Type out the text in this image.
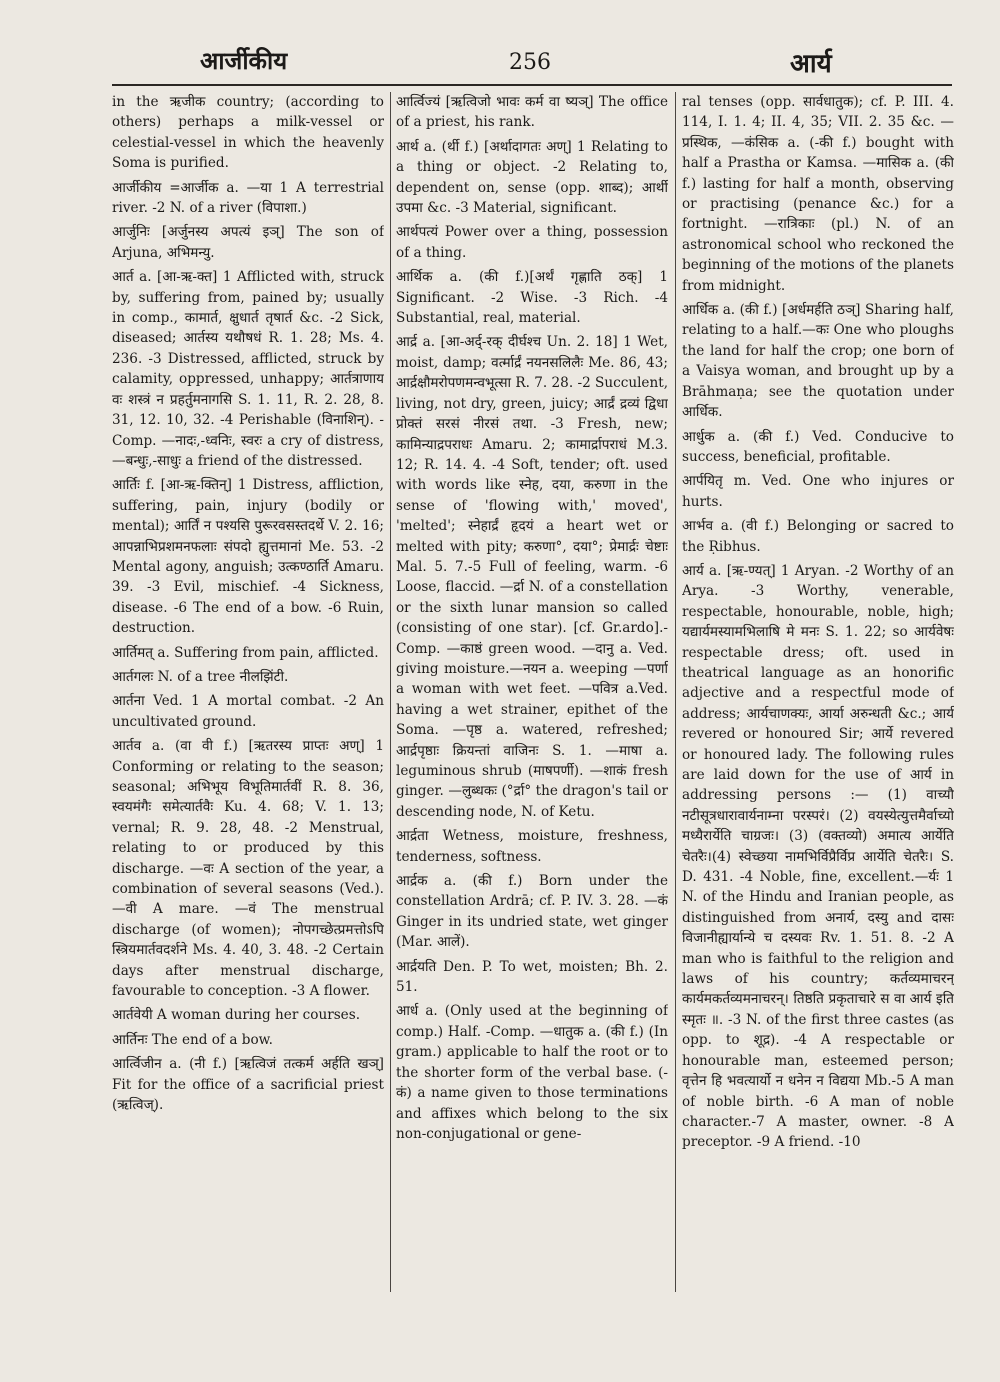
आर्जीकीय	256	आर्य

in the ऋजीक country; (according to others) perhaps a milk-vessel or celestial-vessel in which the heavenly Soma is purified.

आर्जीकीय =आर्जीक a. —या 1 A terrestrial river. -2 N. of a river (विपाशा.)

आर्जुनिः [अर्जुनस्य अपत्यं इञ्] The son of Arjuna, अभिमन्यु.

आर्त a. [आ-ऋ-क्त] 1 Afflicted with, struck by, suffering from, pained by; usually in comp., कामार्त, क्षुधार्त तृषार्त &c. -2 Sick, diseased; आर्तस्य यथौषधं R. 1. 28; Ms. 4. 236. -3 Distressed, afflicted, struck by calamity, oppressed, unhappy; आर्तत्राणाय वः शस्त्रं न प्रहर्तुमनागसि S. 1. 11, R. 2. 28, 8. 31, 12. 10, 32. -4 Perishable (विनाशिन्). -Comp. —नादः,-ध्वनिः, स्वरः a cry of distress, —बन्धुः,-साधुः a friend of the distressed.

आर्तिः f. [आ-ऋ-क्तिन्] 1 Distress, affliction, suffering, pain, injury (bodily or mental); आर्तिं न पश्यसि पुरूरवसस्तदर्थे V. 2. 16; आपन्नाभिप्रशमनफलाः संपदो ह्युत्तमानां Me. 53. -2 Mental agony, anguish; उत्कण्ठार्ति Amaru. 39. -3 Evil, mischief. -4 Sickness, disease. -6 The end of a bow. -6 Ruin, destruction.

आर्तिमत् a. Suffering from pain, afflicted.

आर्तगलः N. of a tree नीलझिंटी.

आर्तना Ved. 1 A mortal combat. -2 An uncultivated ground.

आर्तव a. (वा वी f.) [ऋतरस्य प्राप्तः अण्] 1 Conforming or relating to the season; seasonal; अभिभूय विभूतिमार्तवीं R. 8. 36, स्वयमंगैः समेत्यार्तवैः Ku. 4. 68; V. 1. 13; vernal; R. 9. 28, 48. -2 Menstrual, relating to or produced by this discharge. —वः A section of the year, a combination of several seasons (Ved.). —वी A mare. —वं The menstrual discharge (of women); नोपगच्छेत्प्रमत्तोऽपि स्त्रियमार्तवदर्शने Ms. 4. 40, 3. 48. -2 Certain days after menstrual discharge, favourable to conception. -3 A flower.

आर्तवेयी A woman during her courses.

आर्तिनः The end of a bow.

आर्त्विजीन a. (नी f.) [ऋत्विजं तत्कर्म अर्हति खञ्] Fit for the office of a sacrificial priest (ऋत्विज्).

आर्त्विज्यं [ऋत्विजो भावः कर्म वा ष्यञ्] The office of a priest, his rank.

आर्थ a. (र्थी f.) [अर्थादागतः अण्] 1 Relating to a thing or object. -2 Relating to, dependent on, sense (opp. शाब्द); आर्थी उपमा &c. -3 Material, significant.

आर्थपत्यं Power over a thing, possession of a thing.

आर्थिक a. (की f.)[अर्थं गृह्णाति ठक्] 1 Significant. -2 Wise. -3 Rich. -4 Substantial, real, material.

आर्द्र a. [आ-अर्द्-रक् दीर्घश्च Un. 2. 18] 1 Wet, moist, damp; वर्त्मार्द्रं नयनसलिलैः Me. 86, 43; आर्द्रक्षौमरोपणमन्वभूत्सा R. 7. 28. -2 Succulent, living, not dry, green, juicy; आर्द्रं द्रव्यं द्विधा प्रोक्तं सरसं नीरसं तथा. -3 Fresh, new; कामिन्याद्रपराधः Amaru. 2; कामार्द्रापराधं M.3. 12; R. 14. 4. -4 Soft, tender; oft. used with words like स्नेह, दया, करुणा in the sense of 'flowing with,' moved', 'melted'; स्नेहार्द्रं हृदयं a heart wet or melted with pity; करुणा°, दया°; प्रेमार्द्रः चेष्टाः Mal. 5. 7.-5 Full of feeling, warm. -6 Loose, flaccid. —र्द्रा N. of a constellation or the sixth lunar mansion so called (consisting of one star). [cf. Gr.ardo].-Comp. —काष्ठं green wood. —दानु a. Ved. giving moisture.—नयन a. weeping —पर्णा a woman with wet feet. —पवित्र a.Ved. having a wet strainer, epithet of the Soma. —पृष्ठ a. watered, refreshed; आर्द्रपृष्ठाः क्रियन्तां वाजिनः S. 1. —माषा a. leguminous shrub (माषपर्णी). —शाकं fresh ginger. —लुब्धकः (°र्द्रा° the dragon's tail or descending node, N. of Ketu.

आर्द्रता Wetness, moisture, freshness, tenderness, softness.

आर्द्रक a. (की f.) Born under the constellation Ardrā; cf. P. IV. 3. 28. —कं Ginger in its undried state, wet ginger (Mar. आलें).

आर्द्रयति Den. P. To wet, moisten; Bh. 2. 51.

आर्ध a. (Only used at the beginning of comp.) Half. -Comp. —धातुक a. (की f.) (In gram.) applicable to half the root or to the shorter form of the verbal base. (-कं) a name given to those terminations and affixes which belong to the six non-conjugational or gene-

ral tenses (opp. सार्वधातुक); cf. P. III. 4. 114, I. 1. 4; II. 4, 35; VII. 2. 35 &c. —प्रस्थिक, —कंसिक a. (-की f.) bought with half a Prastha or Kamsa. —मासिक a. (की f.) lasting for half a month, observing or practising (penance &c.) for a fortnight. —रात्रिकाः (pl.) N. of an astronomical school who reckoned the beginning of the motions of the planets from midnight.

आर्धिक a. (की f.) [अर्धमर्हति ठञ्] Sharing half, relating to a half.—कः One who ploughs the land for half the crop; one born of a Vaisya woman, and brought up by a Brāhmaṇa; see the quotation under आर्धिक.

आर्धुक a. (की f.) Ved. Conducive to success, beneficial, profitable.

आर्पयितृ m. Ved. One who injures or hurts.

आर्भव a. (वी f.) Belonging or sacred to the Ṛibhus.

आर्य a. [ऋ-ण्यत्] 1 Aryan. -2 Worthy of an Arya. -3 Worthy, venerable, respectable, honourable, noble, high; यद्यार्यमस्यामभिलाषि मे मनः S. 1. 22; so आर्यवेषः respectable dress; oft. used in theatrical language as an honorific adjective and a respectful mode of address; आर्यचाणक्यः, आर्या अरुन्धती &c.; आर्य revered or honoured Sir; आर्ये revered or honoured lady. The following rules are laid down for the use of आर्य in addressing persons :— (1) वाच्यौ नटीसूत्रधारावार्यनाम्ना परस्परं। (2) वयस्येत्युत्तमैर्वाच्यो मध्यैरार्येति चाग्रजः। (3) (वक्तव्यो) अमात्य आर्येति चेतरैः।(4) स्वेच्छया नामभिर्विप्रैर्विप्र आर्येति चेतरैः। S. D. 431. -4 Noble, fine, excellent.—र्यः 1 N. of the Hindu and Iranian people, as distinguished from अनार्य, दस्यु and दासः विजानीह्यार्यान्ये च दस्यवः Rv. 1. 51. 8. -2 A man who is faithful to the religion and laws of his country; कर्तव्यमाचरन् कार्यमकर्तव्यमनाचरन्। तिष्ठति प्रकृताचारे स वा आर्य इति स्मृतः ॥. -3 N. of the first three castes (as opp. to शूद्र). -4 A respectable or honourable man, esteemed person; वृत्तेन हि भवत्यार्यो न धनेन न विद्यया Mb.-5 A man of noble birth. -6 A man of noble character.-7 A master, owner. -8 A preceptor. -9 A friend. -10
